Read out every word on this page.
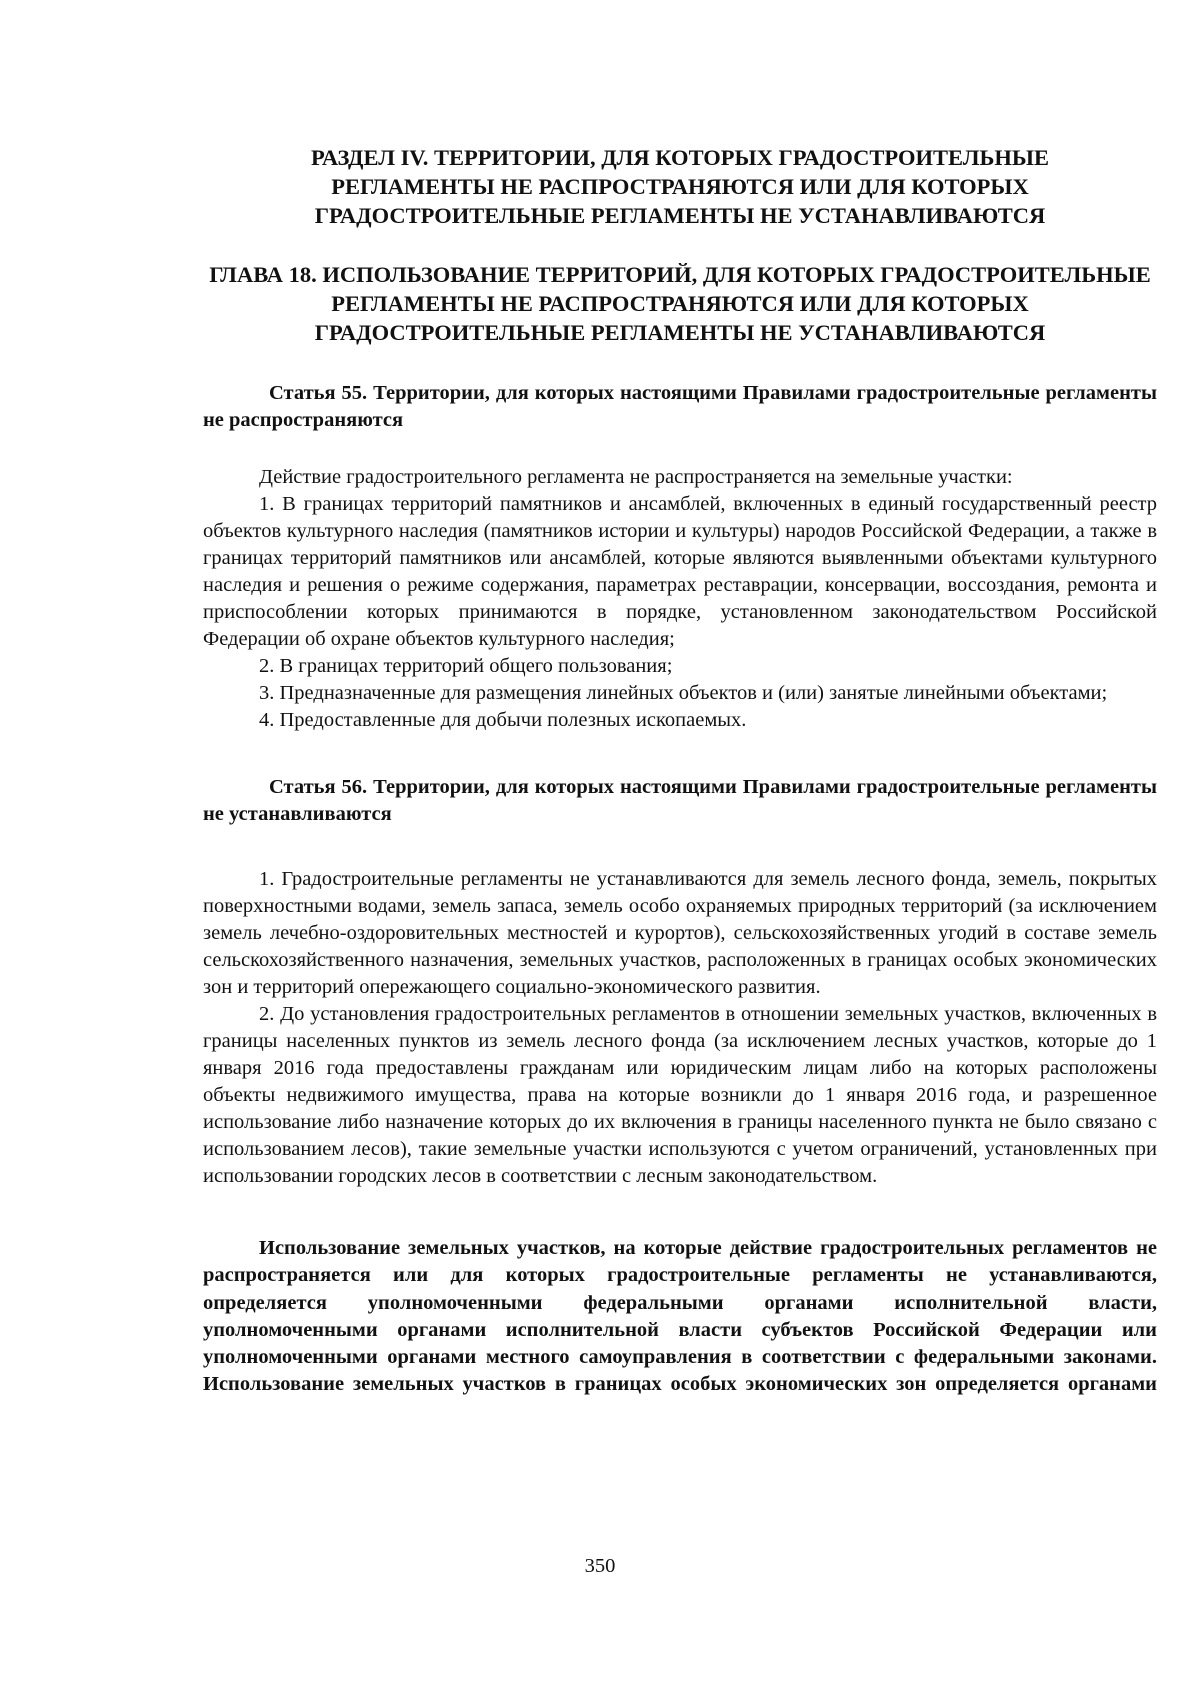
РАЗДЕЛ IV. ТЕРРИТОРИИ, ДЛЯ КОТОРЫХ ГРАДОСТРОИТЕЛЬНЫЕ РЕГЛАМЕНТЫ НЕ РАСПРОСТРАНЯЮТСЯ ИЛИ ДЛЯ КОТОРЫХ ГРАДОСТРОИТЕЛЬНЫЕ РЕГЛАМЕНТЫ НЕ УСТАНАВЛИВАЮТСЯ
ГЛАВА 18. ИСПОЛЬЗОВАНИЕ ТЕРРИТОРИЙ, ДЛЯ КОТОРЫХ ГРАДОСТРОИТЕЛЬНЫЕ РЕГЛАМЕНТЫ НЕ РАСПРОСТРАНЯЮТСЯ ИЛИ ДЛЯ КОТОРЫХ ГРАДОСТРОИТЕЛЬНЫЕ РЕГЛАМЕНТЫ НЕ УСТАНАВЛИВАЮТСЯ
Статья 55. Территории, для которых настоящими Правилами градостроительные регламенты не распространяются

Действие градостроительного регламента не распространяется на земельные участки:

1. В границах территорий памятников и ансамблей, включенных в единый государственный реестр объектов культурного наследия (памятников истории и культуры) народов Российской Федерации, а также в границах территорий памятников или ансамблей, которые являются выявленными объектами культурного наследия и решения о режиме содержания, параметрах реставрации, консервации, воссоздания, ремонта и приспособлении которых принимаются в порядке, установленном законодательством Российской Федерации об охране объектов культурного наследия;

2. В границах территорий общего пользования;

3. Предназначенные для размещения линейных объектов и (или) занятые линейными объектами;

4. Предоставленные для добычи полезных ископаемых.

Статья 56. Территории, для которых настоящими Правилами градостроительные регламенты не устанавливаются

1. Градостроительные регламенты не устанавливаются для земель лесного фонда, земель, покрытых поверхностными водами, земель запаса, земель особо охраняемых природных территорий (за исключением земель лечебно-оздоровительных местностей и курортов), сельскохозяйственных угодий в составе земель сельскохозяйственного назначения, земельных участков, расположенных в границах особых экономических зон и территорий опережающего социально-экономического развития.

2. До установления градостроительных регламентов в отношении земельных участков, включенных в границы населенных пунктов из земель лесного фонда (за исключением лесных участков, которые до 1 января 2016 года предоставлены гражданам или юридическим лицам либо на которых расположены объекты недвижимого имущества, права на которые возникли до 1 января 2016 года, и разрешенное использование либо назначение которых до их включения в границы населенного пункта не было связано с использованием лесов), такие земельные участки используются с учетом ограничений, установленных при использовании городских лесов в соответствии с лесным законодательством.

Использование земельных участков, на которые действие градостроительных регламентов не распространяется или для которых градостроительные регламенты не устанавливаются, определяется уполномоченными федеральными органами исполнительной власти, уполномоченными органами исполнительной власти субъектов Российской Федерации или уполномоченными органами местного самоуправления в соответствии с федеральными законами. Использование земельных участков в границах особых экономических зон определяется органами

350
